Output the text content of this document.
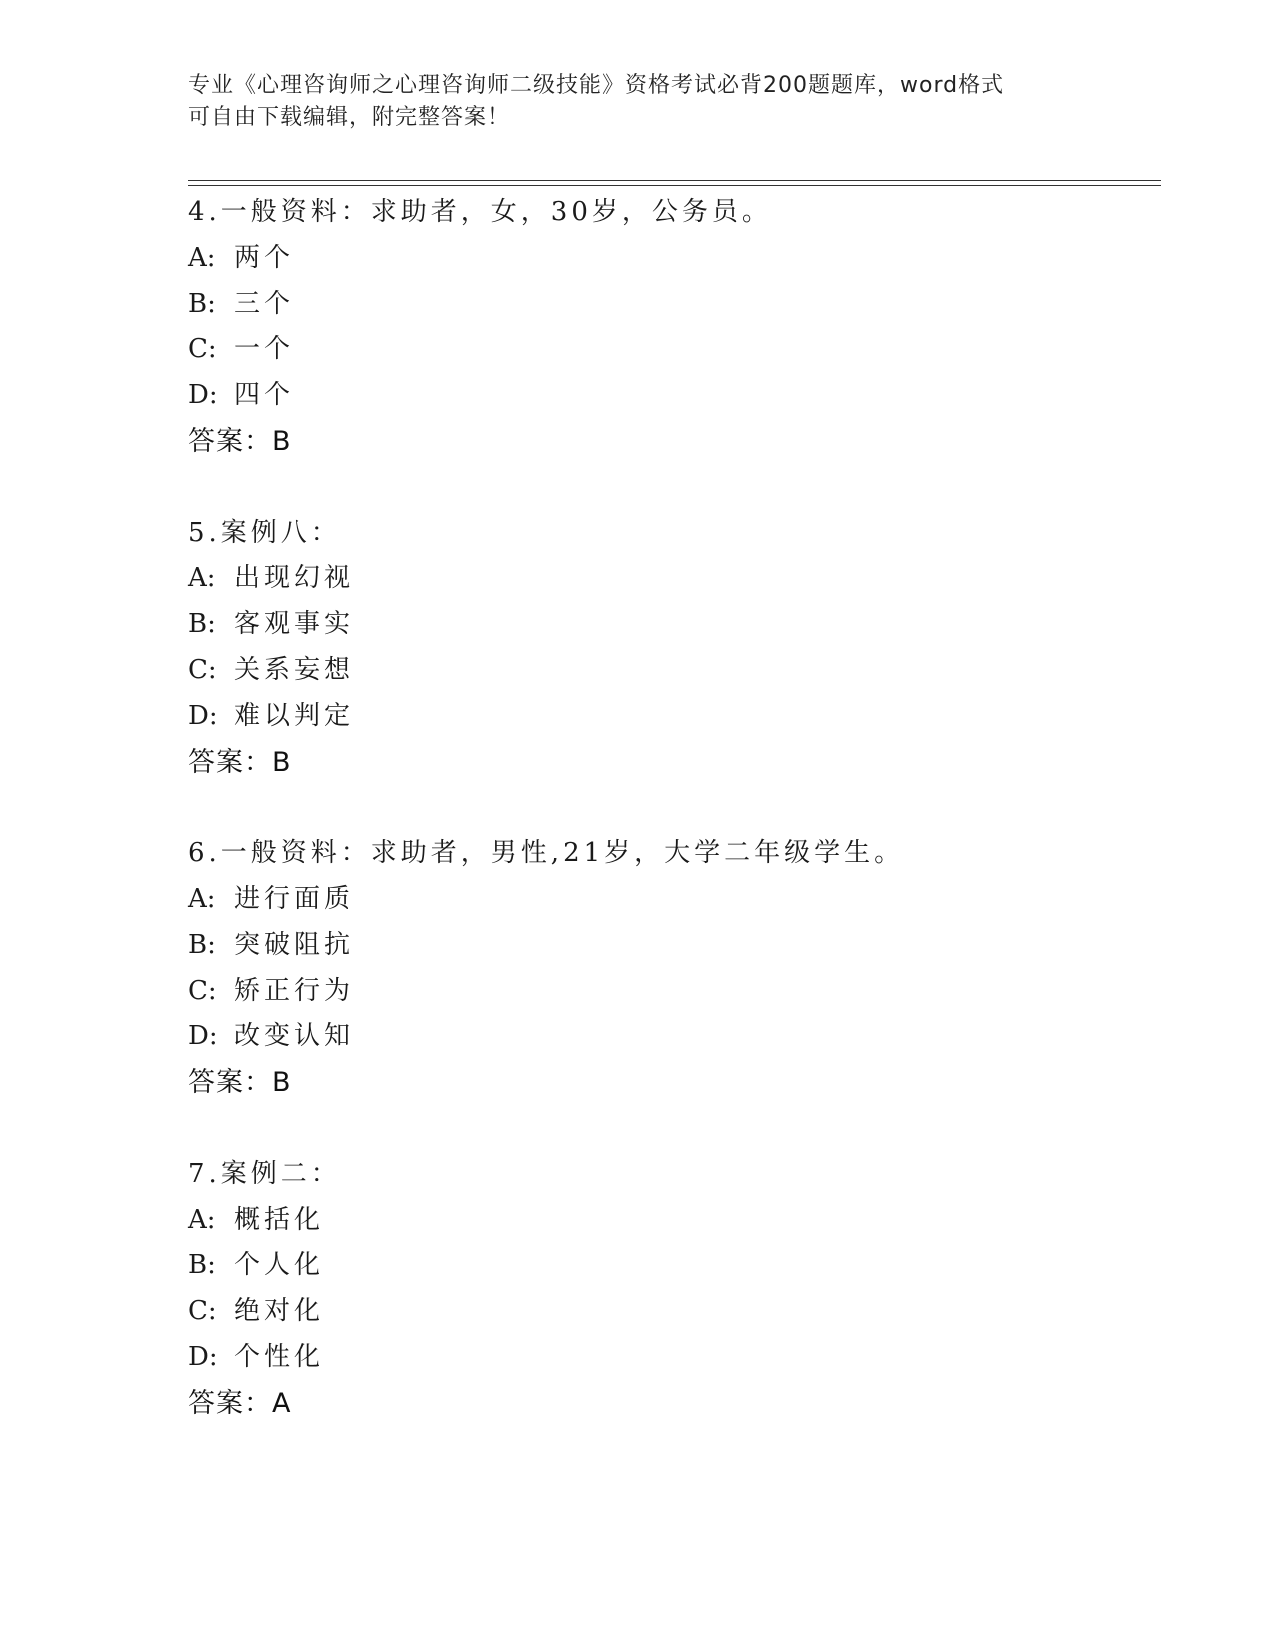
专业《心理咨询师之心理咨询师二级技能》资格考试必背200题题库，word格式
可自由下载编辑，附完整答案！
4.一般资料：求助者，女，30岁，公务员。
A: 两个
B: 三个
C: 一个
D: 四个
答案：B
5.案例八：
A: 出现幻视
B: 客观事实
C: 关系妄想
D: 难以判定
答案：B
6.一般资料：求助者，男性,21岁，大学二年级学生。
A: 进行面质
B: 突破阻抗
C: 矫正行为
D: 改变认知
答案：B
7.案例二：
A: 概括化
B: 个人化
C: 绝对化
D: 个性化
答案：A
